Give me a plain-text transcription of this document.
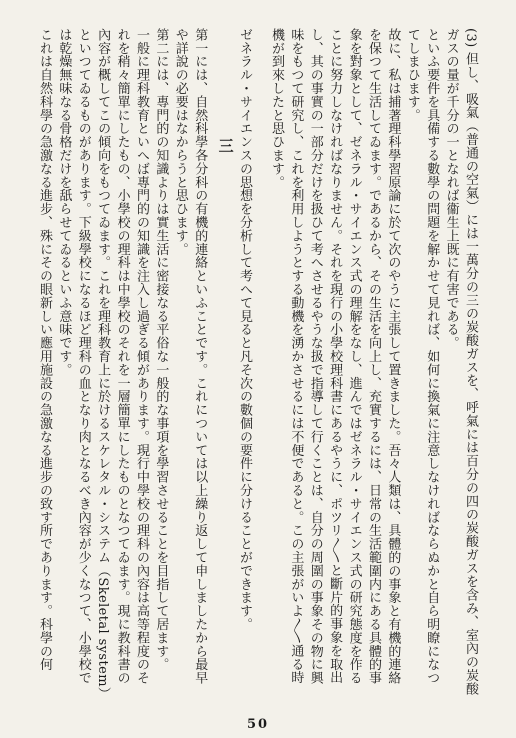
(3) 但し、吸氣（普通の空氣）には一萬分の三の炭酸ガスを、呼氣には百分の四の炭酸ガスを含み、室內の炭酸ガスの量が千分の一となれば衞生上既に有害である。

といふ要件を具備する數學の問題を解かせて見れば、如何に換氣に注意しなければならぬかと自ら明瞭になつてしまひます。

故に、私は捕著理科學習原論に於て次のやうに主張して置きました。吾々人類は、具體的の事象と有機的連絡を保つて生活してゐます。であるから、その生活を向上し、充實するには、日常の生活範圍内にある具體的事象を對象として、ゼネラル・サイエンス式の理解をなし、進んではゼネラル・サイエンス式の研究態度を作ることに努力しなければなりません。それを現行の小學校理科書にあるやうに、ポツリ〳〵と斷片的事象を取出し、其の事實の一部分だけを扱ひて考へさせるやうな扱で指導して行くことは、自分の周圍の事象その物に興味をもつて研究し、これを利用しようとする動機を湧かさせるには不便であると。この主張がいよ〳〵通る時機が到來したと思ひます。

ゼネラル・サイエンスの思想を分析して考へて見ると凡そ次の數個の要件に分けることができます。

三

第一には、自然科學各分科の有機的連絡といふことです。これについては以上繰り返して申しましたから最早や詳說の必要はなからうと思ひます。

第二には、專門的の知識よりは實生活に密接なる平俗な一般的な事項を學習させることを目指して居ます。

一般に理科教育といへば專門的の知識を注入し過ぎる傾があります。現行中學校の理科の內容は高等程度のそれを稍々簡單にしたもの、小學校の理科は中學校のそれを一層簡單にしたものとなつてゐます。現に教科書の內容が概してこの傾向をもつてゐます。これを理科教育上に於けるスケレタル・システム（Skeletal system）といつてゐるものがあります。下級學校になるほど理科の血となり肉となるべき內容が少くなつて、小學校では乾燥無味なる骨格だけを舐らせてゐるといふ意味です。

これは自然科學の急激なる進步、殊にその眼新しい應用施設の急激なる進步の致す所であります。科學の何

50
